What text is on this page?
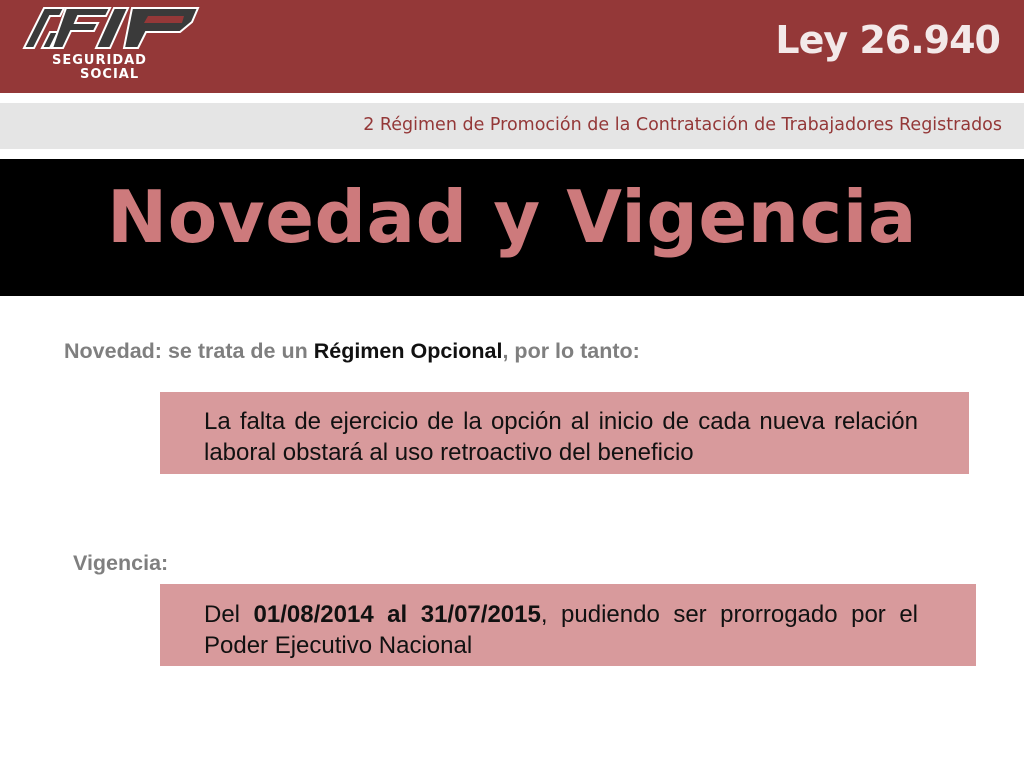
SEGURIDAD
SOCIAL
Ley 26.940
2 Régimen de Promoción de la Contratación de Trabajadores Registrados
Novedad y Vigencia
Novedad: se trata de un Régimen Opcional, por lo tanto:
La falta de ejercicio de la opción al inicio de cada nueva relación laboral obstará al uso retroactivo del beneficio
Vigencia:
Del 01/08/2014 al 31/07/2015, pudiendo ser prorrogado por el Poder Ejecutivo Nacional
